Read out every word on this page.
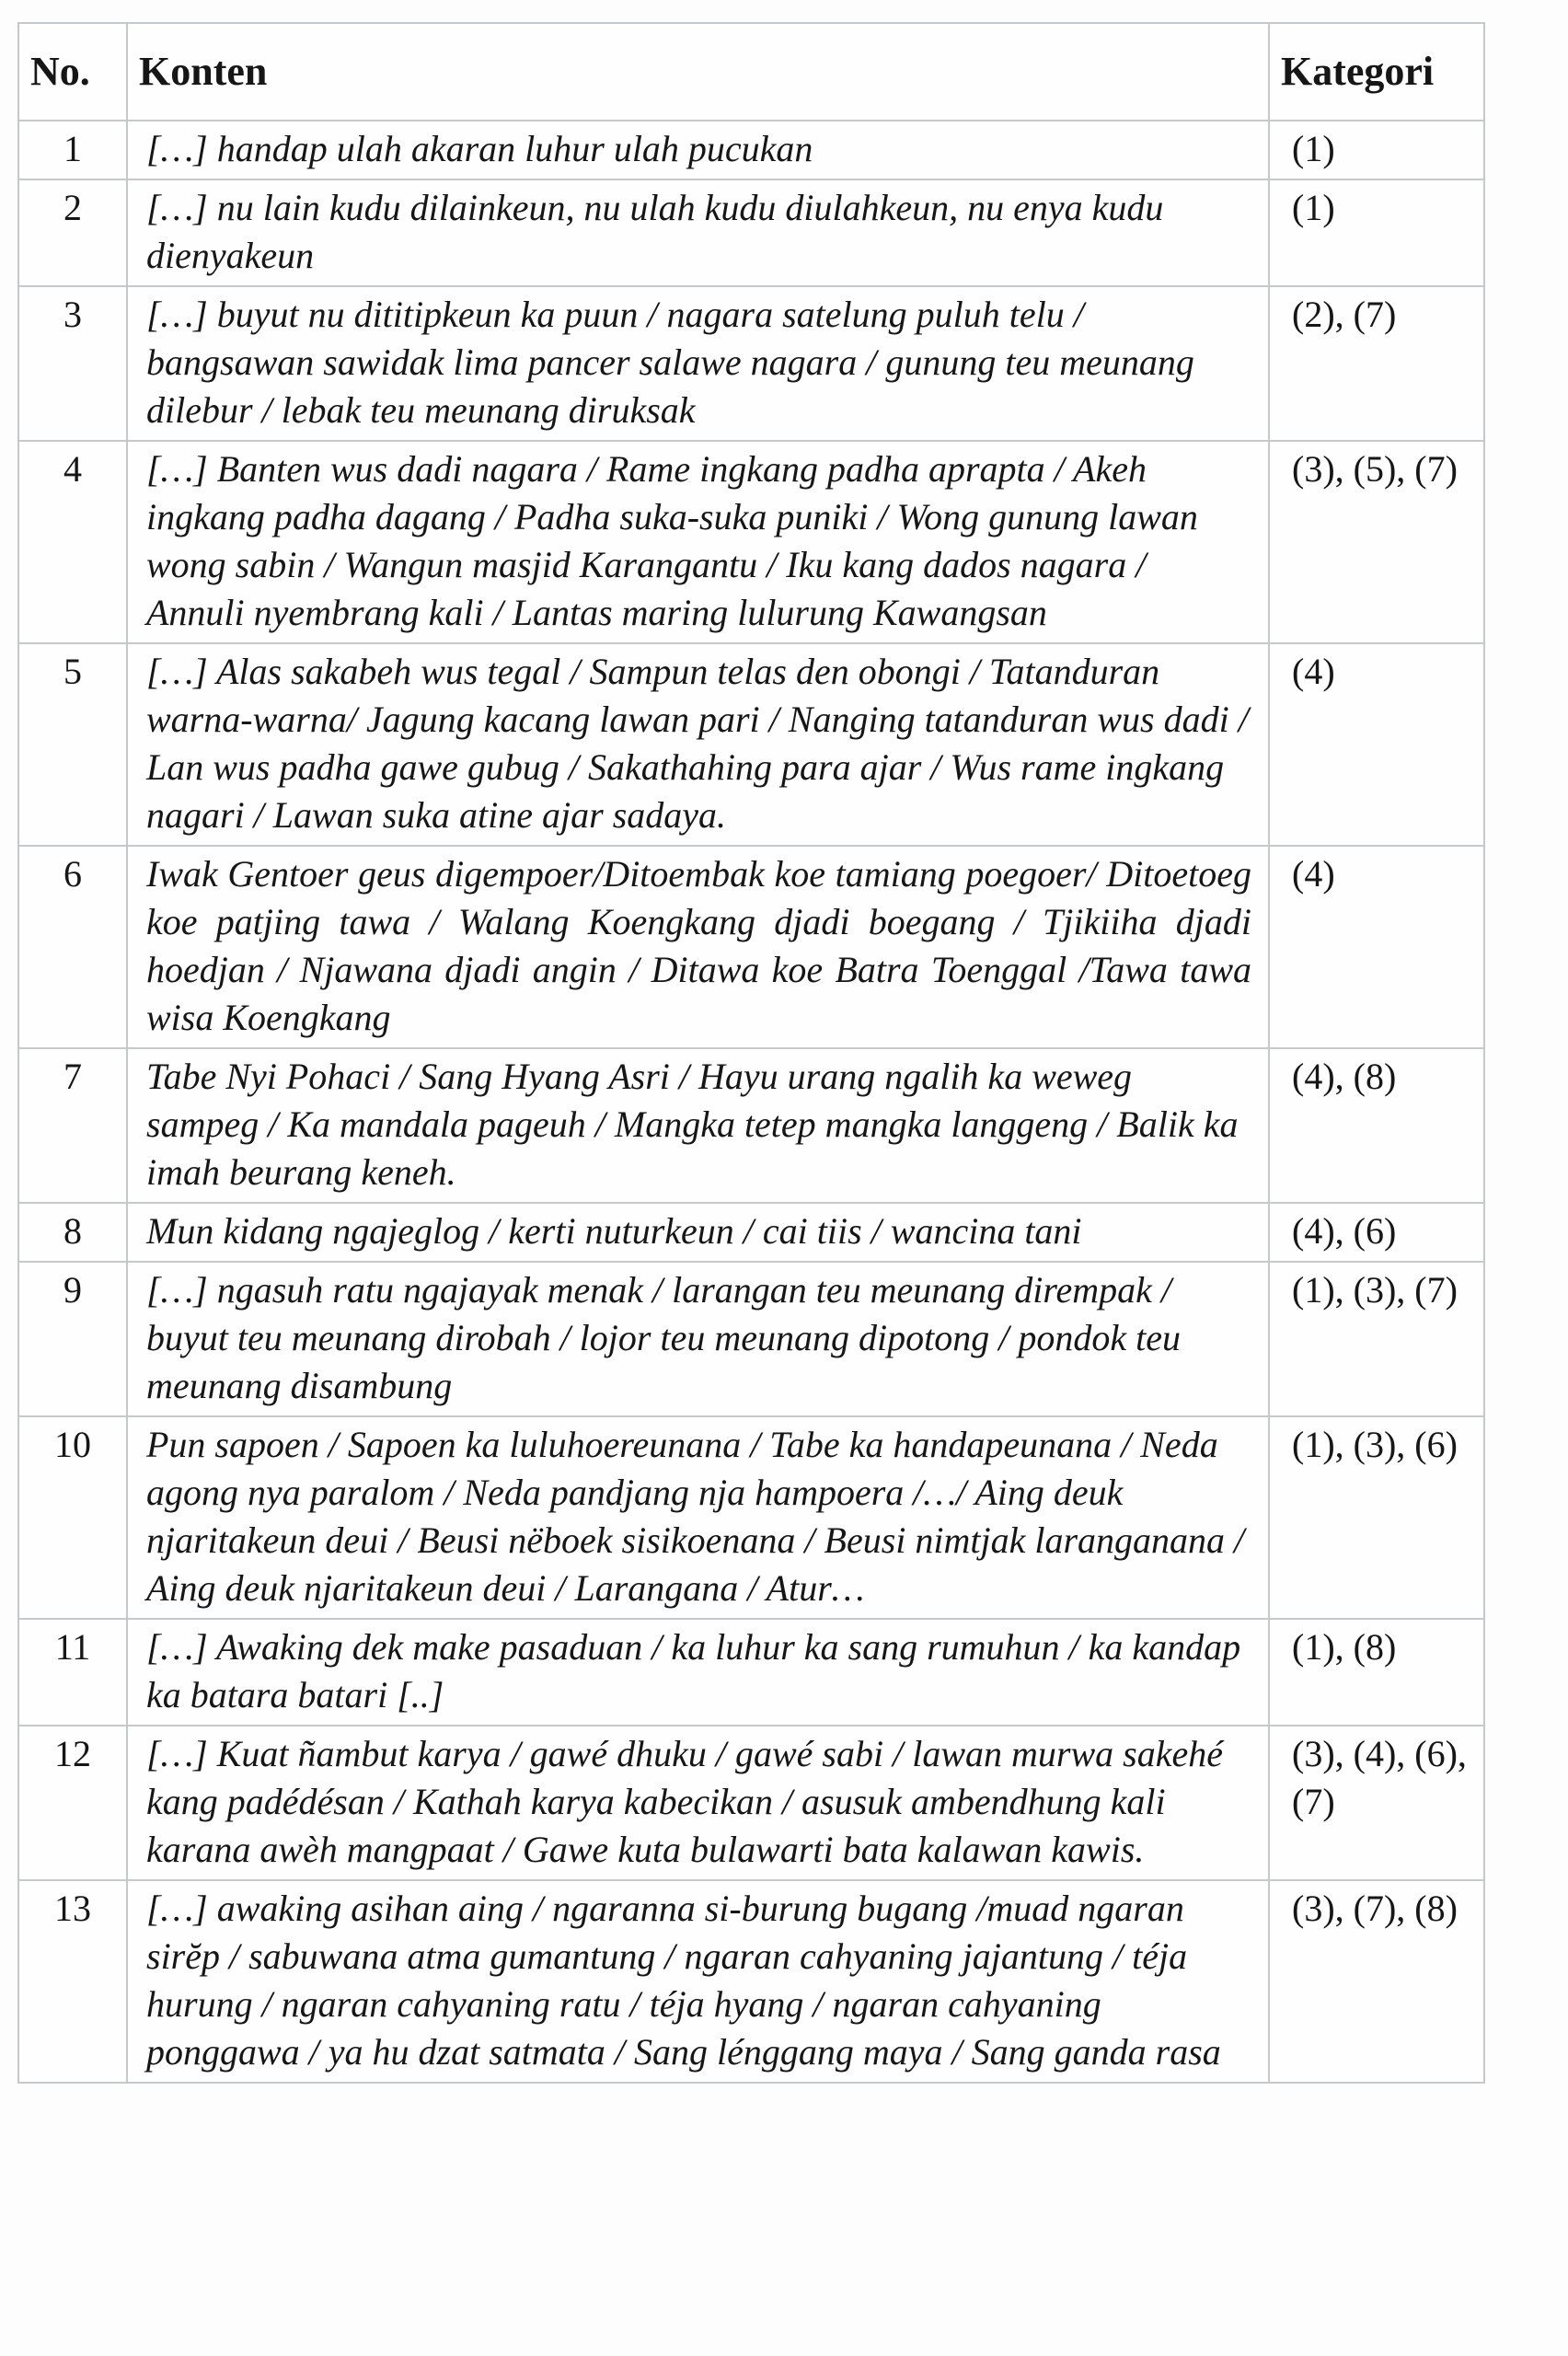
No.	Konten	Kategori
1	[…] handap ulah akaran luhur ulah pucukan	(1)
2	[…] nu lain kudu dilainkeun, nu ulah kudu diulahkeun, nu enya kudu dienyakeun	(1)
3	[…] buyut nu dititipkeun ka puun / nagara satelung puluh telu / bangsawan sawidak lima pancer salawe nagara / gunung teu meunang dilebur / lebak teu meunang diruksak	(2), (7)
4	[…] Banten wus dadi nagara / Rame ingkang padha aprapta / Akeh ingkang padha dagang / Padha suka-suka puniki / Wong gunung lawan wong sabin / Wangun masjid Karangantu / Iku kang dados nagara / Annuli nyembrang kali / Lantas maring lulurung Kawangsan	(3), (5), (7)
5	[…] Alas sakabeh wus tegal / Sampun telas den obongi / Tatanduran warna-warna/ Jagung kacang lawan pari / Nanging tatanduran wus dadi / Lan wus padha gawe gubug / Sakathahing para ajar / Wus rame ingkang nagari / Lawan suka atine ajar sadaya.	(4)
6	Iwak Gentoer geus digempoer/Ditoembak koe tamiang poegoer/ Ditoetoeg koe patjing tawa / Walang Koengkang djadi boegang / Tjikiiha djadi hoedjan / Njawana djadi angin / Ditawa koe Batra Toenggal /Tawa tawa wisa Koengkang	(4)
7	Tabe Nyi Pohaci / Sang Hyang Asri / Hayu urang ngalih ka weweg sampeg / Ka mandala pageuh / Mangka tetep mangka langgeng / Balik ka imah beurang keneh.	(4), (8)
8	Mun kidang ngajeglog / kerti nuturkeun / cai tiis / wancina tani	(4), (6)
9	[…] ngasuh ratu ngajayak menak / larangan teu meunang dirempak / buyut teu meunang dirobah / lojor teu meunang dipotong / pondok teu meunang disambung	(1), (3), (7)
10	Pun sapoen / Sapoen ka luluhoereunana / Tabe ka handapeunana / Neda agong nya paralom / Neda pandjang nja hampoera /…/ Aing deuk njaritakeun deui / Beusi nëboek sisikoenana / Beusi nimtjak laranganana / Aing deuk njaritakeun deui / Larangana / Atur…	(1), (3), (6)
11	[…] Awaking dek make pasaduan / ka luhur ka sang rumuhun / ka kandap ka batara batari [..]	(1), (8)
12	[…] Kuat ñambut karya / gawé dhuku / gawé sabi / lawan murwa sakehé kang padédésan / Kathah karya kabecikan / asusuk ambendhung kali karana awèh mangpaat / Gawe kuta bulawarti bata kalawan kawis.	(3), (4), (6), (7)
13	[…] awaking asihan aing / ngaranna si-burung bugang /muad ngaran sirĕp / sabuwana atma gumantung / ngaran cahyaning jajantung / téja hurung / ngaran cahyaning ratu / téja hyang / ngaran cahyaning ponggawa / ya hu dzat satmata / Sang lénggang maya / Sang ganda rasa	(3), (7), (8)
